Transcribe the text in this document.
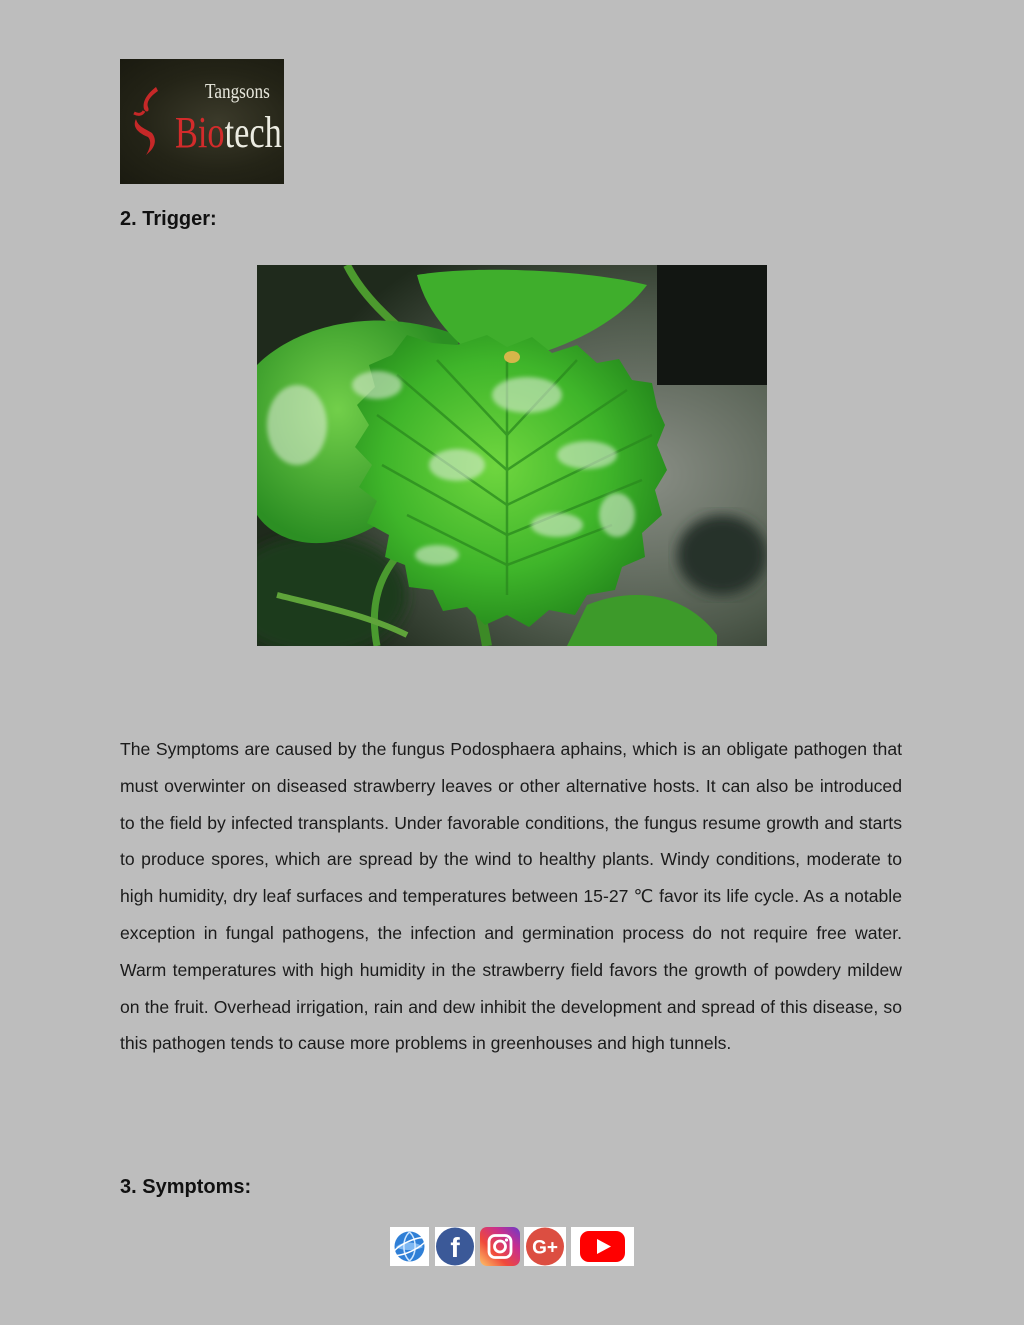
Tangsons
Biotech
2. Trigger:

The Symptoms are caused by the fungus Podosphaera aphains, which is an obligate pathogen that must overwinter on diseased strawberry leaves or other alternative hosts. It can also be introduced to the field by infected transplants. Under favorable conditions, the fungus resume growth and starts to produce spores, which are spread by the wind to healthy plants. Windy conditions, moderate to high humidity, dry leaf surfaces and temperatures between 15-27 ℃ favor its life cycle. As a notable exception in fungal pathogens, the infection and germination process do not require free water. Warm temperatures with high humidity in the strawberry field favors the growth of powdery mildew on the fruit. Overhead irrigation, rain and dew inhibit the development and spread of this disease, so this pathogen tends to cause more problems in greenhouses and high tunnels.

3. Symptoms:
f	G+
